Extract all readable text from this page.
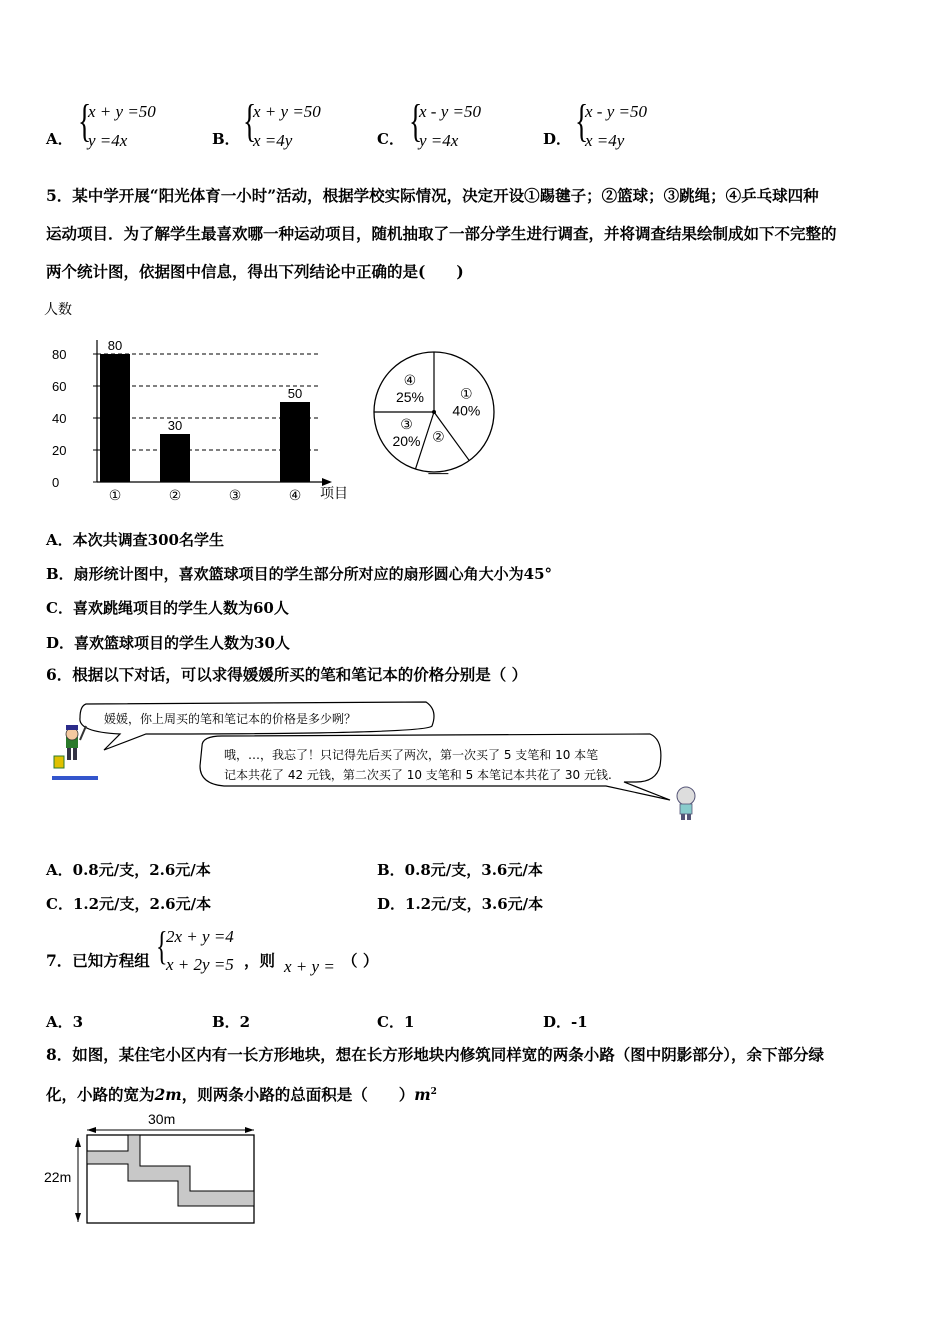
A． {
x + y =50
y =4x	B． {
x + y =50
x =4y	C． {
x - y =50
y =4x	D． {
x - y =50
x =4y
5．某中学开展“阳光体育一小时”活动，根据学校实际情况，决定开设①踢毽子；②篮球；③跳绳；④乒乓球四种
运动项目．为了解学生最喜欢哪一种运动项目，随机抽取了一部分学生进行调查，并将调查结果绘制成如下不完整的
两个统计图，依据图中信息，得出下列结论中正确的是(　　)
人数
0
20
40
60
80
80
①
30
②	③
50
④ 项目
①
40%
②
③
20%
④
25%
A．本次共调查300名学生
B．扇形统计图中，喜欢篮球项目的学生部分所对应的扇形圆心角大小为45°
C．喜欢跳绳项目的学生人数为60人
D．喜欢篮球项目的学生人数为30人
6．根据以下对话，可以求得媛媛所买的笔和笔记本的价格分别是（ ）
媛媛，你上周买的笔和笔记本的价格是多少咧？
哦，…，我忘了！只记得先后买了两次，第一次买了 5 支笔和 10 本笔
记本共花了 42 元钱，第二次买了 10 支笔和 5 本笔记本共花了 30 元钱.
A．0.8元/支，2.6元/本	B．0.8元/支，3.6元/本
C．1.2元/支，2.6元/本	D．1.2元/支，3.6元/本
7．已知方程组 {
2x + y =4
x + 2y =5 ，则 x + y = （ ）
A．3	B．2	C．1	D．-1
8．如图，某住宅小区内有一长方形地块，想在长方形地块内修筑同样宽的两条小路（图中阴影部分），余下部分绿
化，小路的宽为2m，则两条小路的总面积是（　　）$m^2$
30m
22m
